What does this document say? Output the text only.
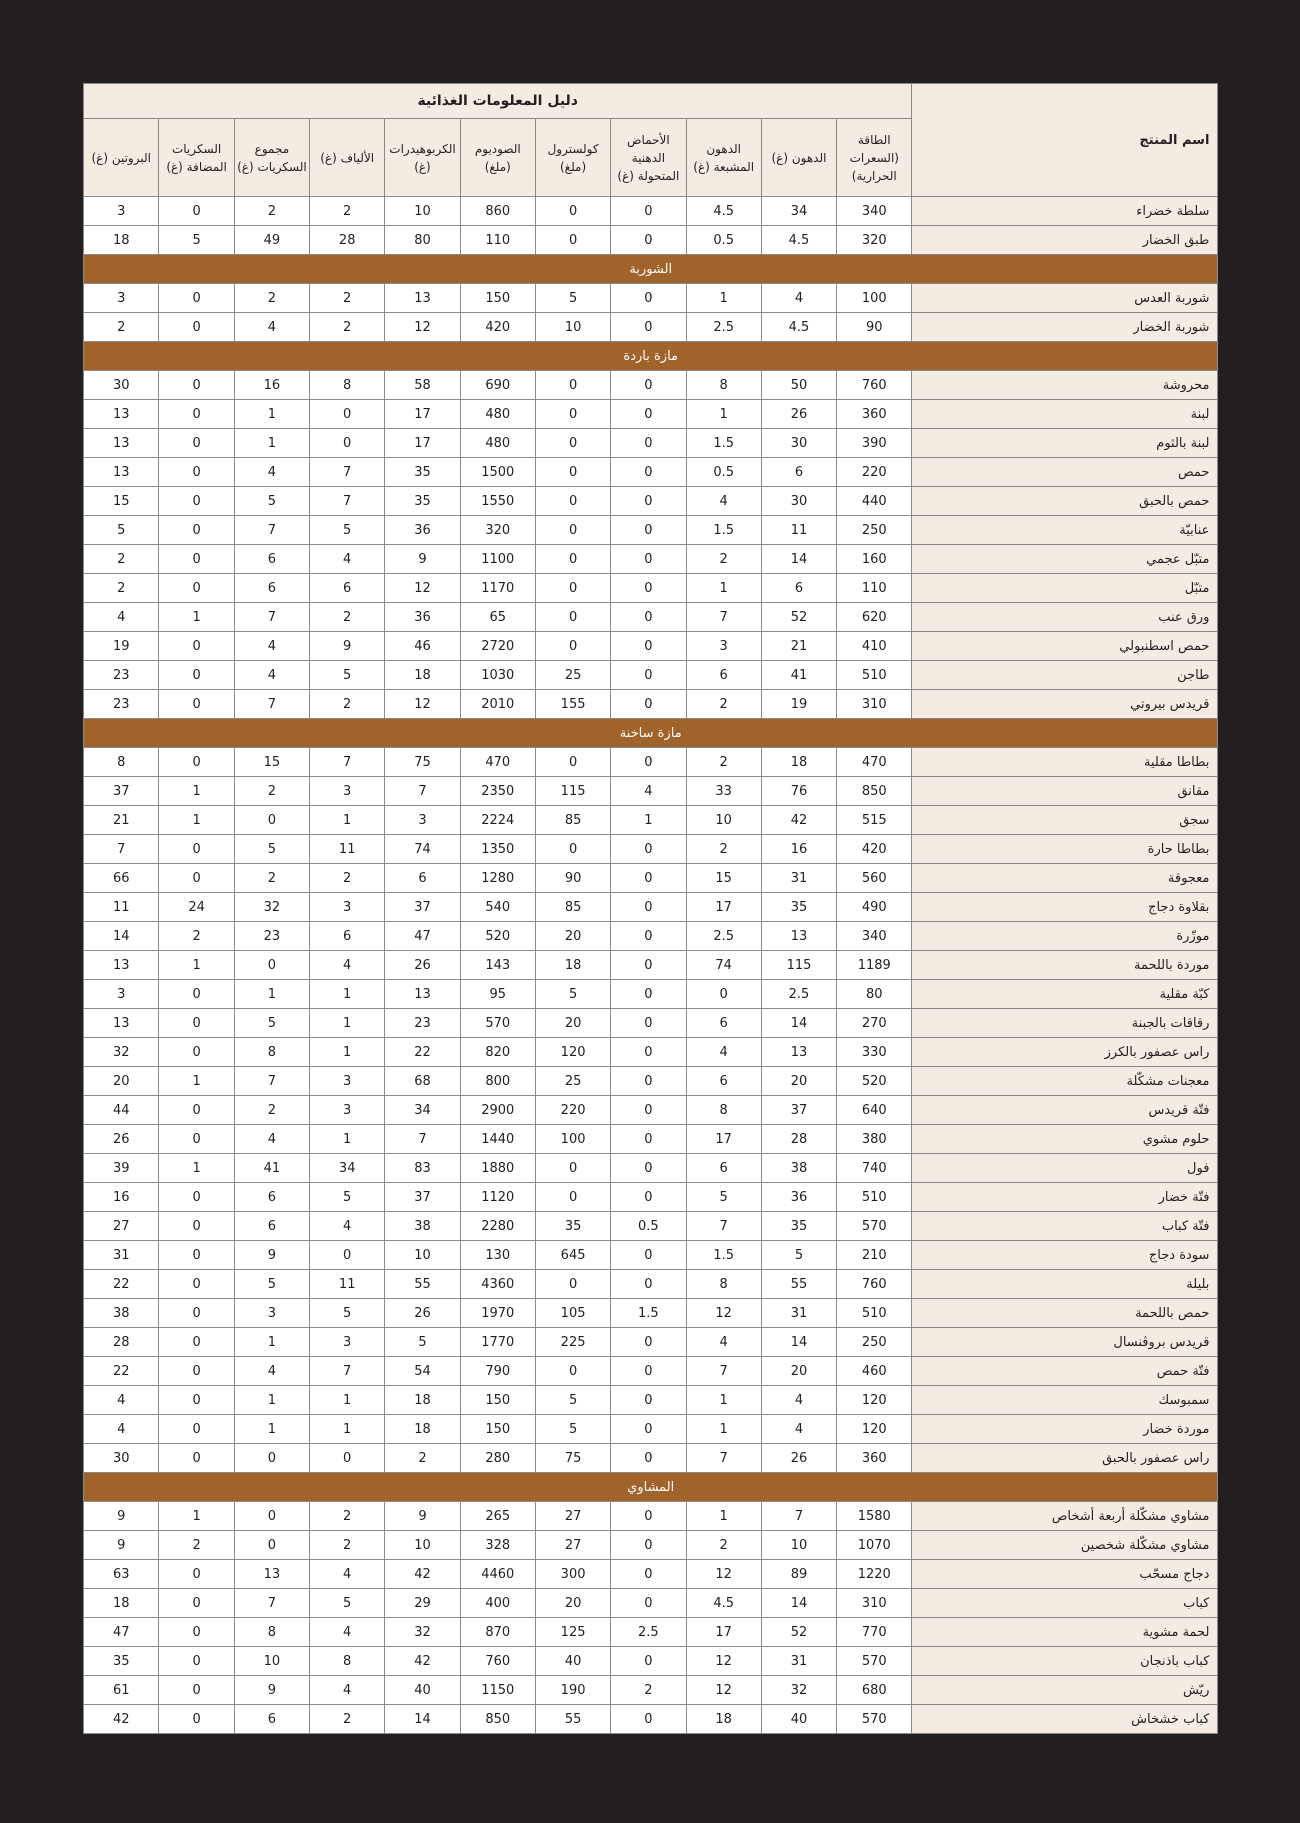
اسم المنتج	دليل المعلومات الغذائية										
	الطاقة (السعرات الحرارية)	الدهون (غ)	الدهون المشبعة (غ)	الأحماض الدهنية المتحولة (غ)	كولسترول (ملغ)	الصوديوم (ملغ)	الكربوهيدرات (غ)	الألياف (غ)	مجموع السكريات (غ)	السكريات المضافة (غ)	البروتين (غ)
سلطة خضراء	340	34	4.5	0	0	860	10	2	2	0	3
طبق الخضار	320	4.5	0.5	0	0	110	80	28	49	5	18
الشوربة											
شوربة العدس	100	4	1	0	5	150	13	2	2	0	3
شوربة الخضار	90	4.5	2.5	0	10	420	12	2	4	0	2
مازة باردة											
محروشة	760	50	8	0	0	690	58	8	16	0	30
لبنة	360	26	1	0	0	480	17	0	1	0	13
لبنة بالثوم	390	30	1.5	0	0	480	17	0	1	0	13
حمص	220	6	0.5	0	0	1500	35	7	4	0	13
حمص بالحبق	440	30	4	0	0	1550	35	7	5	0	15
عنابيّة	250	11	1.5	0	0	320	36	5	7	0	5
متبّل عجمي	160	14	2	0	0	1100	9	4	6	0	2
متبّل	110	6	1	0	0	1170	12	6	6	0	2
ورق عنب	620	52	7	0	0	65	36	2	7	1	4
حمص اسطنبولي	410	21	3	0	0	2720	46	9	4	0	19
طاجن	510	41	6	0	25	1030	18	5	4	0	23
قريدس بيروتي	310	19	2	0	155	2010	12	2	7	0	23
مازة ساخنة											
بطاطا مقلية	470	18	2	0	0	470	75	7	15	0	8
مقانق	850	76	33	4	115	2350	7	3	2	1	37
سجق	515	42	10	1	85	2224	3	1	0	1	21
بطاطا حارة	420	16	2	0	0	1350	74	11	5	0	7
معجوقة	560	31	15	0	90	1280	6	2	2	0	66
بقلاوة دجاج	490	35	17	0	85	540	37	3	32	24	11
موزّرة	340	13	2.5	0	20	520	47	6	23	2	14
موردة باللحمة	1189	115	74	0	18	143	26	4	0	1	13
كبّة مقلية	80	2.5	0	0	5	95	13	1	1	0	3
رقاقات بالجبنة	270	14	6	0	20	570	23	1	5	0	13
راس عصفور بالكرز	330	13	4	0	120	820	22	1	8	0	32
معجنات مشكّلة	520	20	6	0	25	800	68	3	7	1	20
فتّة قريدس	640	37	8	0	220	2900	34	3	2	0	44
حلوم مشوي	380	28	17	0	100	1440	7	1	4	0	26
فول	740	38	6	0	0	1880	83	34	41	1	39
فتّة خضار	510	36	5	0	0	1120	37	5	6	0	16
فتّة كباب	570	35	7	0.5	35	2280	38	4	6	0	27
سودة دجاج	210	5	1.5	0	645	130	10	0	9	0	31
بليلة	760	55	8	0	0	4360	55	11	5	0	22
حمص باللحمة	510	31	12	1.5	105	1970	26	5	3	0	38
قريدس بروڤنسال	250	14	4	0	225	1770	5	3	1	0	28
فتّة حمص	460	20	7	0	0	790	54	7	4	0	22
سمبوسك	120	4	1	0	5	150	18	1	1	0	4
موردة خضار	120	4	1	0	5	150	18	1	1	0	4
راس عصفور بالحبق	360	26	7	0	75	280	2	0	0	0	30
المشاوي											
مشاوي مشكّلة أربعة أشخاص	1580	7	1	0	27	265	9	2	0	1	9
مشاوي مشكّلة شخصين	1070	10	2	0	27	328	10	2	0	2	9
دجاج مسحّب	1220	89	12	0	300	4460	42	4	13	0	63
كباب	310	14	4.5	0	20	400	29	5	7	0	18
لحمة مشوية	770	52	17	2.5	125	870	32	4	8	0	47
كباب باذنجان	570	31	12	0	40	760	42	8	10	0	35
ريّش	680	32	12	2	190	1150	40	4	9	0	61
كباب خشخاش	570	40	18	0	55	850	14	2	6	0	42
